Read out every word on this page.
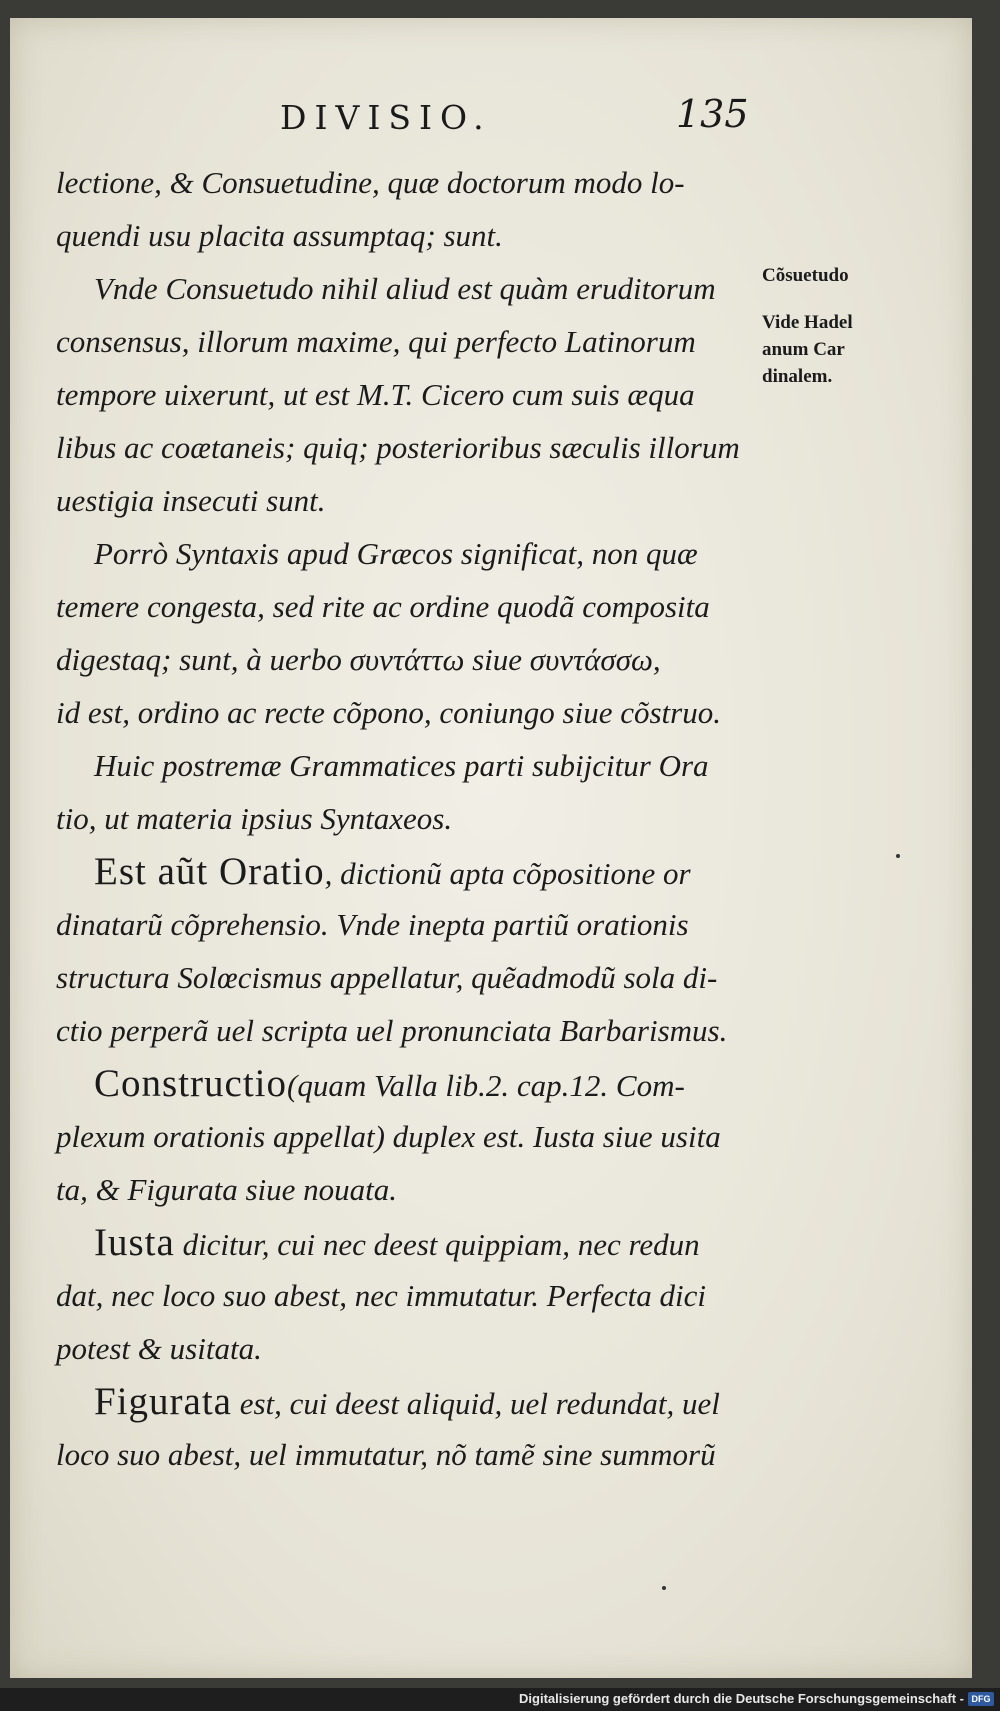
DIVISIO.	135
lectione, & Consuetudine, quæ doctorum modo lo-
quendi usu placita assumptaq; sunt.
Vnde Consuetudo nihil aliud est quàm eruditorum
consensus, illorum maxime, qui perfecto Latinorum
tempore uixerunt, ut est M.T. Cicero cum suis æqua
libus ac coætaneis; quiq; posterioribus sæculis illorum
uestigia insecuti sunt.
Porrò Syntaxis apud Græcos significat, non quæ
temere congesta, sed rite ac ordine quodã composita
digestaq; sunt, à uerbo συντάττω siue συντάσσω,
id est, ordino ac recte cõpono, coniungo siue cõstruo.
Huic postremæ Grammatices parti subijcitur Ora
tio, ut materia ipsius Syntaxeos.
Est aũt Oratio, dictionũ apta cõpositione or
dinatarũ cõprehensio. Vnde inepta partiũ orationis
structura Solœcismus appellatur, quẽadmodũ sola di-
ctio perperã uel scripta uel pronunciata Barbarismus.
Constructio(quam Valla lib.2. cap.12. Com-
plexum orationis appellat) duplex est. Iusta siue usita
ta, & Figurata siue nouata.
Iusta dicitur, cui nec deest quippiam, nec redun
dat, nec loco suo abest, nec immutatur. Perfecta dici
potest & usitata.
Figurata est, cui deest aliquid, uel redundat, uel
loco suo abest, uel immutatur, nõ tamẽ sine summorũ
Cõsuetudo
Vide Hadel
anum Car
dinalem.
Digitalisierung gefördert durch die Deutsche Forschungsgemeinschaft - DFG
